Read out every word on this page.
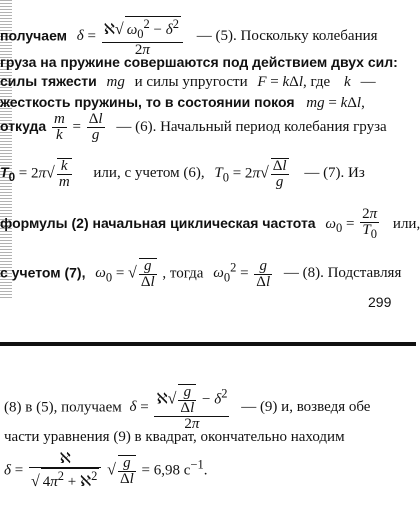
получаем $\delta = \frac{ℵ√ \omega_0^2 - \delta^2}{2\pi}$ — (5). Поскольку колебания
груза на пружине совершаются под действием двух сил:
силы тяжести mg и силы упругости F = kΔl, где k —
жесткость пружины, то в состоянии покоя mg = kΔl,
откуда $\frac{m}{k} = \frac{\Delta l}{g}$ — (6). Начальный период колебания груза
$T_0 = 2\pi√ \frac{k}{m}$ или, с учетом (6), $T_0 = 2\pi√ \frac{\Delta l}{g}$ — (7). Из
формулы (2) начальная циклическая частота $\omega_0 = \frac{2\pi}{T_0}$ или,
с учетом (7), $\omega_0$ = √ $\frac{g}{\Delta l}$ , тогда $\omega_0^2 = \frac{g}{\Delta l}$ — (8). Подставляя
299
(8) в (5), получаем $\delta = \frac{ℵ√ \frac{g}{\Delta l} - \delta^2}{2\pi}$ — (9) и, возведя обе
части уравнения (9) в квадрат, окончательно находим
$\delta = \frac{\text{ℵ}}{√ 4\pi^2 + ℵ^2}$ √ $\frac{g}{\Delta l} = 6,98$ $с^{-1}$.
